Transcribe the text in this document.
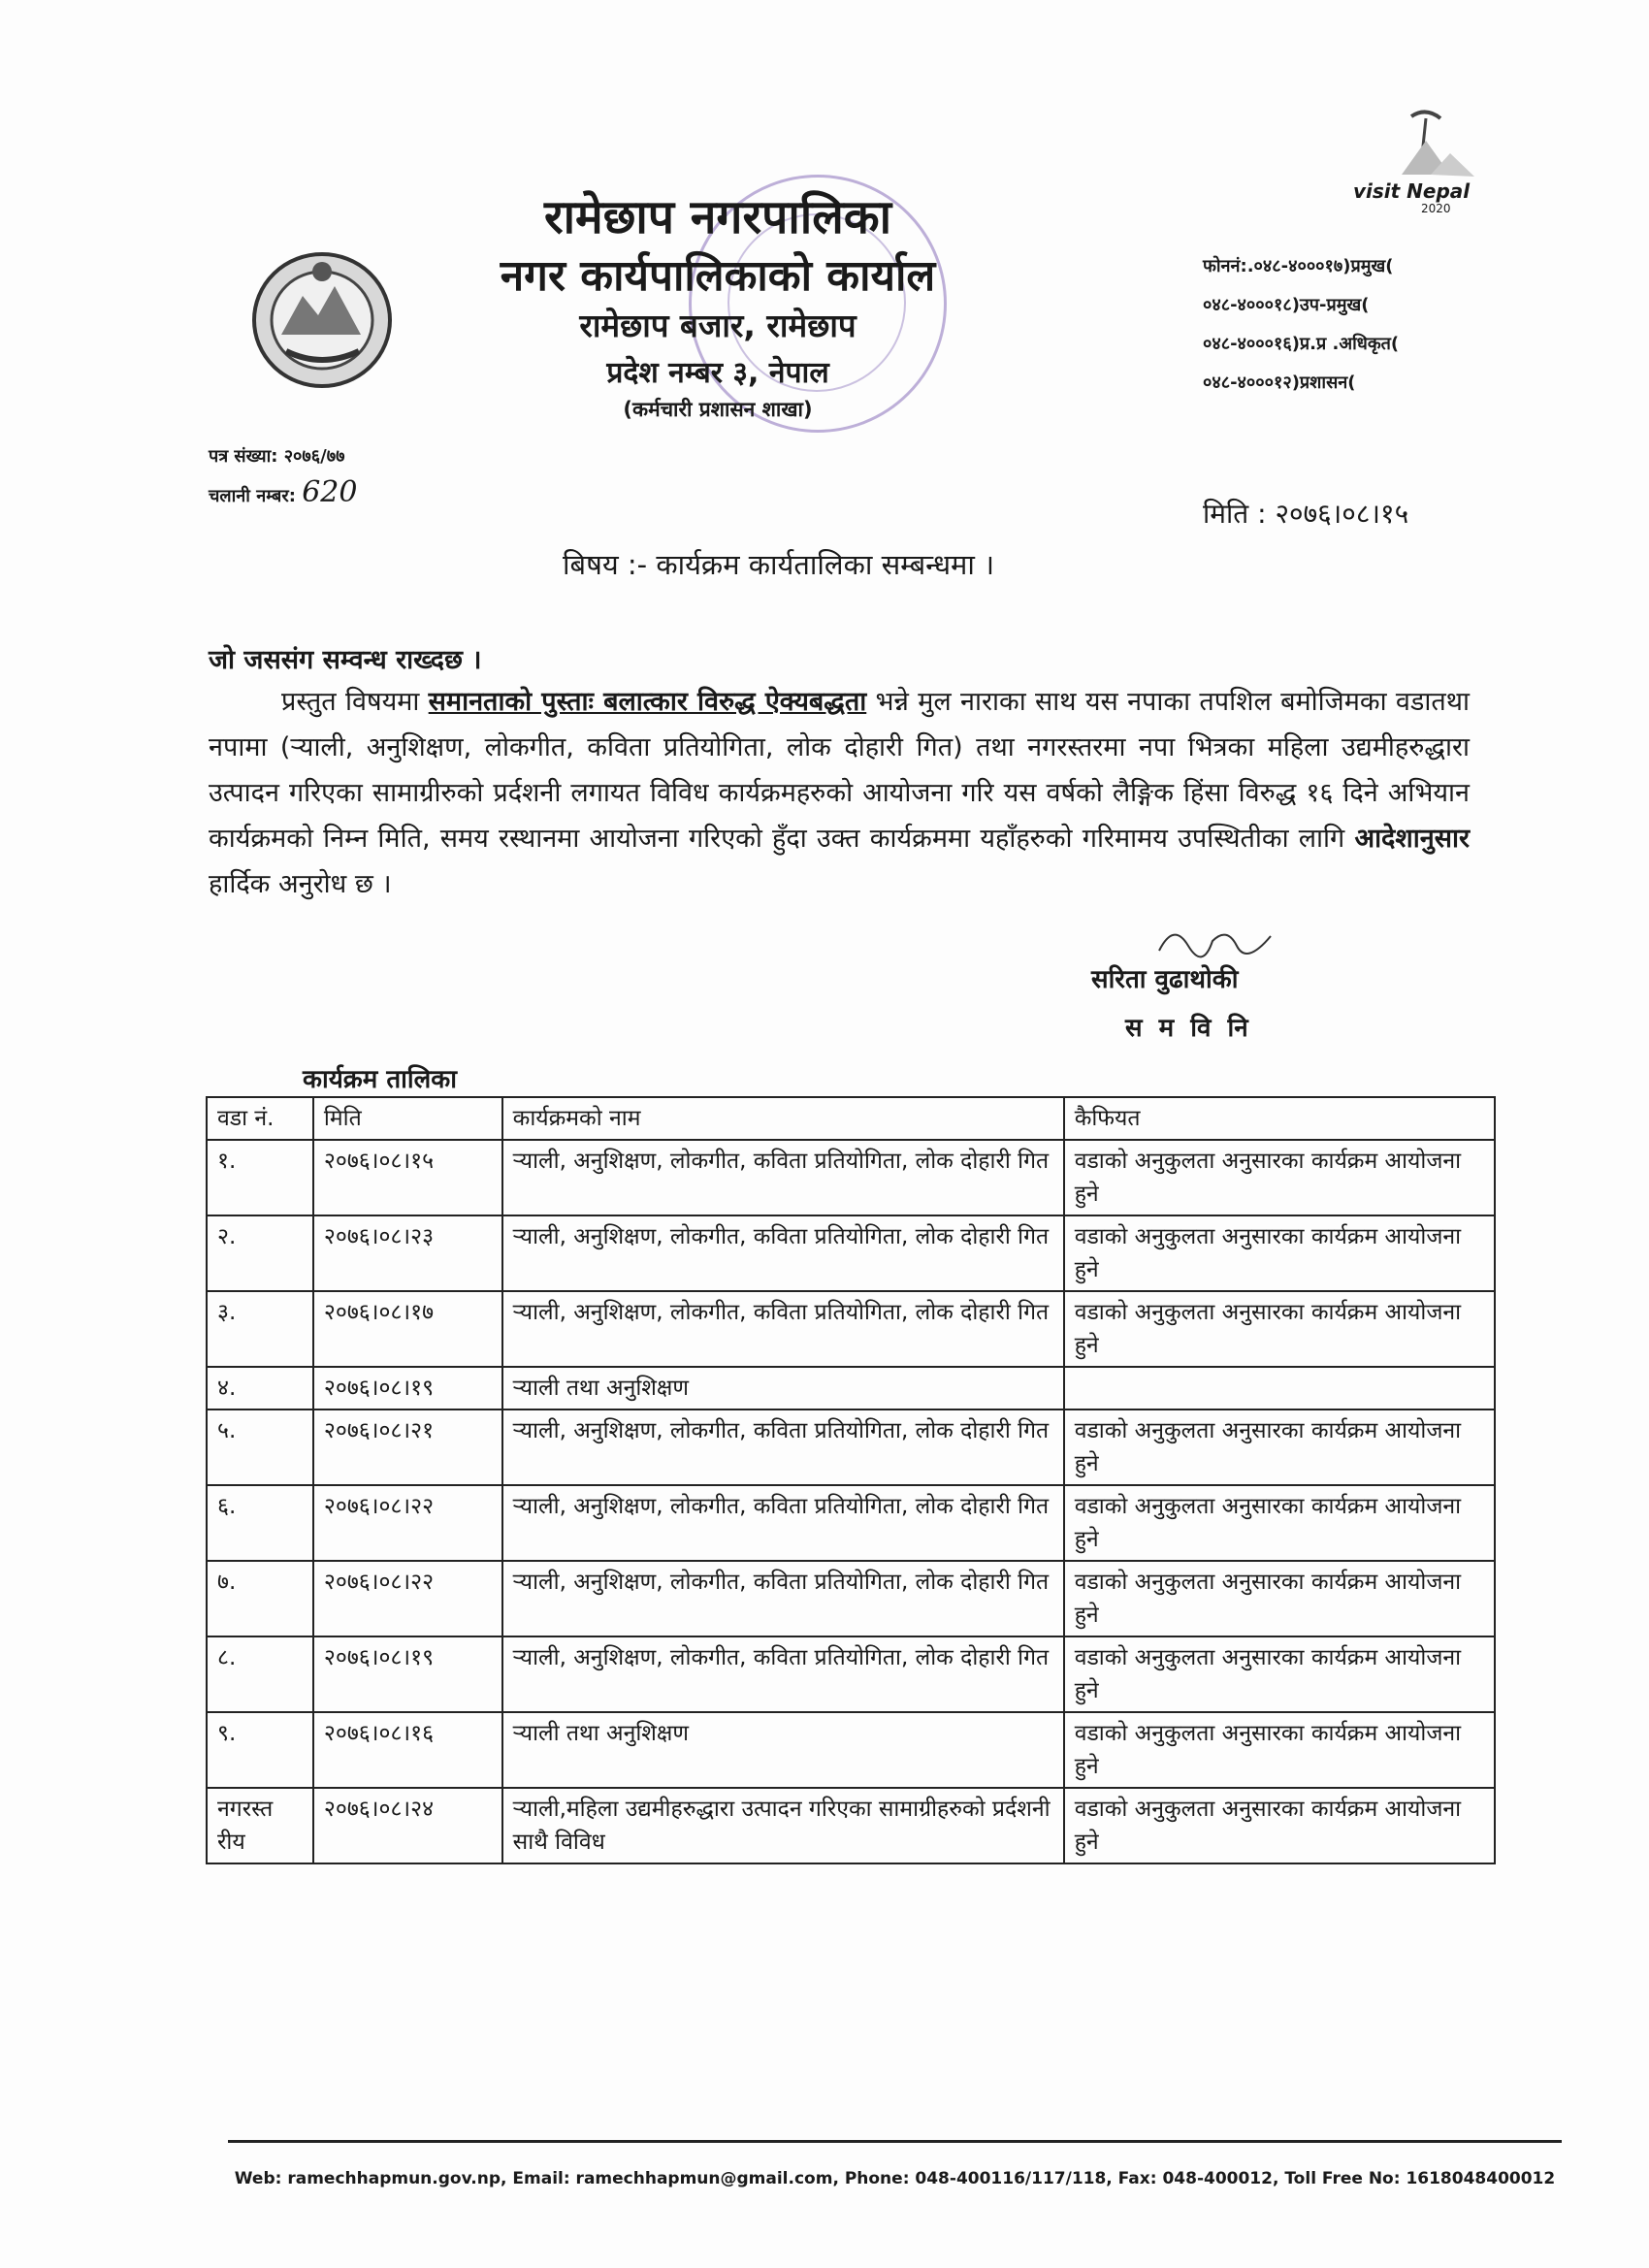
visit Nepal
2020
रामेछाप नगरपालिका
नगर कार्यपालिकाको कार्याल
रामेछाप बजार, रामेछाप
प्रदेश नम्बर ३, नेपाल
(कर्मचारी प्रशासन शाखा)
फोननं:.०४८-४०००१७)प्रमुख(
०४८-४०००१८)उप-प्रमुख(
०४८-४०००१६)प्र.प्र .अधिकृत(
०४८-४०००१२)प्रशासन(
पत्र संख्या: २०७६/७७
चलानी नम्बर: 620
मिति : २०७६।०८।१५
बिषय :- कार्यक्रम कार्यतालिका सम्बन्धमा ।
जो जससंग सम्वन्ध राख्दछ ।
प्रस्तुत विषयमा समानताको पुस्ताः बलात्कार विरुद्ध ऐक्यबद्धता भन्ने मुल नाराका साथ यस नपाका तपशिल बमोजिमका वडातथा नपामा (ऱ्याली, अनुशिक्षण, लोकगीत, कविता प्रतियोगिता, लोक दोहारी गित) तथा नगरस्तरमा नपा भित्रका महिला उद्यमीहरुद्धारा उत्पादन गरिएका सामाग्रीरुको प्रर्दशनी लगायत विविध कार्यक्रमहरुको आयोजना गरि यस वर्षको लैङ्गिक हिंसा विरुद्ध १६ दिने अभियान कार्यक्रमको निम्न मिति, समय रस्थानमा आयोजना गरिएको हुँदा उक्त कार्यक्रममा यहाँहरुको गरिमामय उपस्थितीका लागि आदेशानुसार हार्दिक अनुरोध छ ।
सरिता वुढाथोकी
स म वि नि
कार्यक्रम तालिका
वडा नं.	मिति	कार्यक्रमको नाम	कैफियत
१.	२०७६।०८।१५	ऱ्याली, अनुशिक्षण, लोकगीत, कविता प्रतियोगिता, लोक दोहारी गित	वडाको अनुकुलता अनुसारका कार्यक्रम आयोजना हुने
२.	२०७६।०८।२३	ऱ्याली, अनुशिक्षण, लोकगीत, कविता प्रतियोगिता, लोक दोहारी गित	वडाको अनुकुलता अनुसारका कार्यक्रम आयोजना हुने
३.	२०७६।०८।१७	ऱ्याली, अनुशिक्षण, लोकगीत, कविता प्रतियोगिता, लोक दोहारी गित	वडाको अनुकुलता अनुसारका कार्यक्रम आयोजना हुने
४.	२०७६।०८।१९	ऱ्याली तथा अनुशिक्षण	
५.	२०७६।०८।२१	ऱ्याली, अनुशिक्षण, लोकगीत, कविता प्रतियोगिता, लोक दोहारी गित	वडाको अनुकुलता अनुसारका कार्यक्रम आयोजना हुने
६.	२०७६।०८।२२	ऱ्याली, अनुशिक्षण, लोकगीत, कविता प्रतियोगिता, लोक दोहारी गित	वडाको अनुकुलता अनुसारका कार्यक्रम आयोजना हुने
७.	२०७६।०८।२२	ऱ्याली, अनुशिक्षण, लोकगीत, कविता प्रतियोगिता, लोक दोहारी गित	वडाको अनुकुलता अनुसारका कार्यक्रम आयोजना हुने
८.	२०७६।०८।१९	ऱ्याली, अनुशिक्षण, लोकगीत, कविता प्रतियोगिता, लोक दोहारी गित	वडाको अनुकुलता अनुसारका कार्यक्रम आयोजना हुने
९.	२०७६।०८।१६	ऱ्याली तथा अनुशिक्षण	वडाको अनुकुलता अनुसारका कार्यक्रम आयोजना हुने
नगरस्त रीय	२०७६।०८।२४	ऱ्याली,महिला उद्यमीहरुद्धारा उत्पादन गरिएका सामाग्रीहरुको प्रर्दशनी साथै विविध	वडाको अनुकुलता अनुसारका कार्यक्रम आयोजना हुने
Web: ramechhapmun.gov.np, Email: ramechhapmun@gmail.com, Phone: 048-400116/117/118, Fax: 048-400012, Toll Free No: 1618048400012
